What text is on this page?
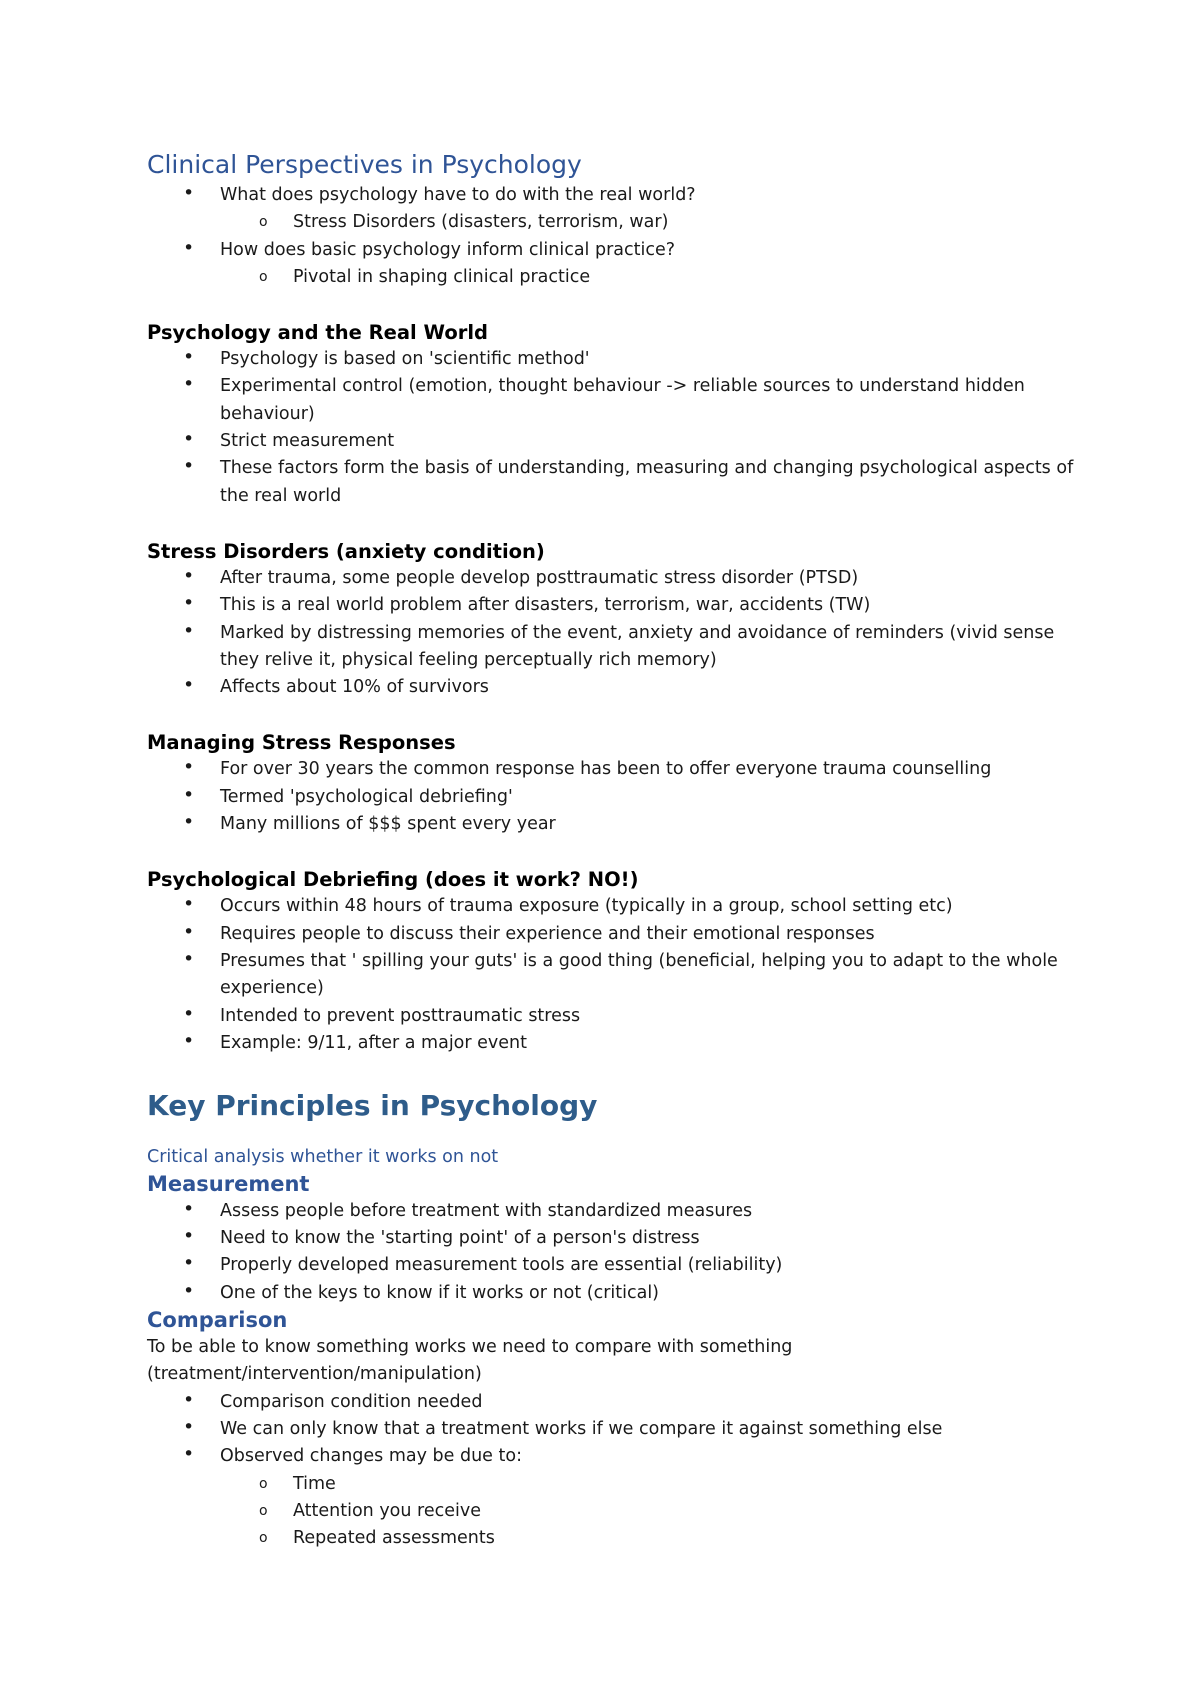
Clinical Perspectives in Psychology
• What does psychology have to do with the real world?
o Stress Disorders (disasters, terrorism, war)
• How does basic psychology inform clinical practice?
o Pivotal in shaping clinical practice
Psychology and the Real World
• Psychology is based on 'scientific method'
• Experimental control (emotion, thought behaviour -> reliable sources to understand hidden behaviour)
• Strict measurement
• These factors form the basis of understanding, measuring and changing psychological aspects of the real world
Stress Disorders (anxiety condition)
• After trauma, some people develop posttraumatic stress disorder (PTSD)
• This is a real world problem after disasters, terrorism, war, accidents (TW)
• Marked by distressing memories of the event, anxiety and avoidance of reminders (vivid sense they relive it, physical feeling perceptually rich memory)
• Affects about 10% of survivors
Managing Stress Responses
• For over 30 years the common response has been to offer everyone trauma counselling
• Termed 'psychological debriefing'
• Many millions of $$$ spent every year
Psychological Debriefing (does it work? NO!)
• Occurs within 48 hours of trauma exposure (typically in a group, school setting etc)
• Requires people to discuss their experience and their emotional responses
• Presumes that ' spilling your guts' is a good thing (beneficial, helping you to adapt to the whole experience)
• Intended to prevent posttraumatic stress
• Example: 9/11, after a major event
Key Principles in Psychology

Critical analysis whether it works on not

Measurement
• Assess people before treatment with standardized measures
• Need to know the 'starting point' of a person's distress
• Properly developed measurement tools are essential (reliability)
• One of the keys to know if it works or not (critical)
Comparison

To be able to know something works we need to compare with something (treatment/intervention/manipulation)

• Comparison condition needed
• We can only know that a treatment works if we compare it against something else
• Observed changes may be due to:
o Time
o Attention you receive
o Repeated assessments
